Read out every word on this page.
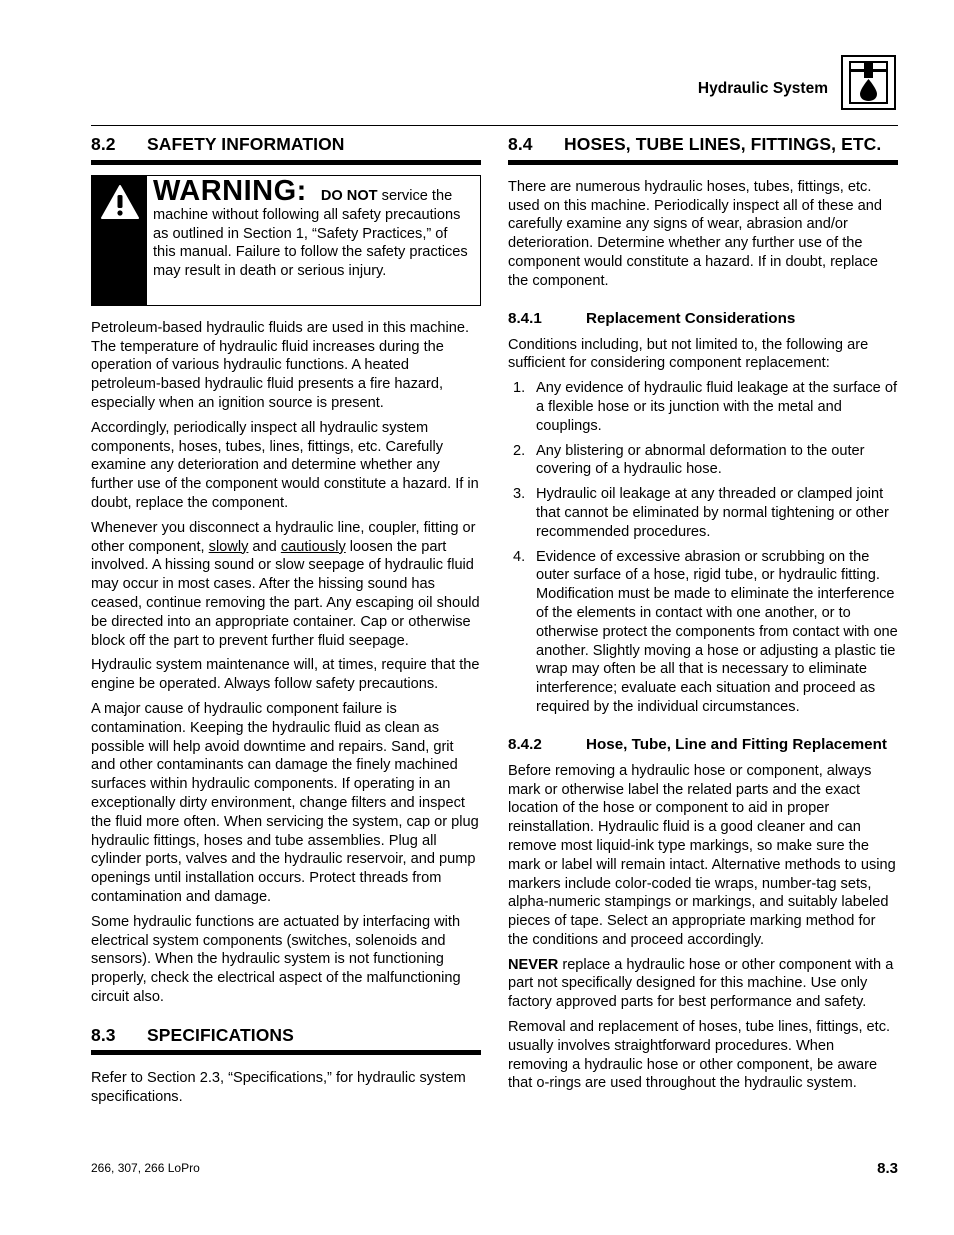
Hydraulic System
8.2	SAFETY INFORMATION
WARNING: DO NOT service the machine without following all safety precautions as outlined in Section 1, “Safety Practices,” of this manual. Failure to follow the safety practices may result in death or serious injury.

Petroleum-based hydraulic fluids are used in this machine. The temperature of hydraulic fluid increases during the operation of various hydraulic functions. A heated petroleum-based hydraulic fluid presents a fire hazard, especially when an ignition source is present.

Accordingly, periodically inspect all hydraulic system components, hoses, tubes, lines, fittings, etc. Carefully examine any deterioration and determine whether any further use of the component would constitute a hazard. If in doubt, replace the component.

Whenever you disconnect a hydraulic line, coupler, fitting or other component, slowly and cautiously loosen the part involved. A hissing sound or slow seepage of hydraulic fluid may occur in most cases. After the hissing sound has ceased, continue removing the part. Any escaping oil should be directed into an appropriate container. Cap or otherwise block off the part to prevent further fluid seepage.

Hydraulic system maintenance will, at times, require that the engine be operated. Always follow safety precautions.

A major cause of hydraulic component failure is contamination. Keeping the hydraulic fluid as clean as possible will help avoid downtime and repairs. Sand, grit and other contaminants can damage the finely machined surfaces within hydraulic components. If operating in an exceptionally dirty environment, change filters and inspect the fluid more often. When servicing the system, cap or plug hydraulic fittings, hoses and tube assemblies. Plug all cylinder ports, valves and the hydraulic reservoir, and pump openings until installation occurs. Protect threads from contamination and damage.

Some hydraulic functions are actuated by interfacing with electrical system components (switches, solenoids and sensors). When the hydraulic system is not functioning properly, check the electrical aspect of the malfunctioning circuit also.

8.3	SPECIFICATIONS

Refer to Section 2.3, “Specifications,” for hydraulic system specifications.

8.4	HOSES, TUBE LINES, FITTINGS, ETC.

There are numerous hydraulic hoses, tubes, fittings, etc. used on this machine. Periodically inspect all of these and carefully examine any signs of wear, abrasion and/or deterioration. Determine whether any further use of the component would constitute a hazard. If in doubt, replace the component.

8.4.1	Replacement Considerations

Conditions including, but not limited to, the following are sufficient for considering component replacement:

1. Any evidence of hydraulic fluid leakage at the surface of a flexible hose or its junction with the metal and couplings.
2. Any blistering or abnormal deformation to the outer covering of a hydraulic hose.
3. Hydraulic oil leakage at any threaded or clamped joint that cannot be eliminated by normal tightening or other recommended procedures.
4. Evidence of excessive abrasion or scrubbing on the outer surface of a hose, rigid tube, or hydraulic fitting. Modification must be made to eliminate the interference of the elements in contact with one another, or to otherwise protect the components from contact with one another. Slightly moving a hose or adjusting a plastic tie wrap may often be all that is necessary to eliminate interference; evaluate each situation and proceed as required by the individual circumstances.
8.4.2	Hose, Tube, Line and Fitting Replacement

Before removing a hydraulic hose or component, always mark or otherwise label the related parts and the exact location of the hose or component to aid in proper reinstallation. Hydraulic fluid is a good cleaner and can remove most liquid-ink type markings, so make sure the mark or label will remain intact. Alternative methods to using markers include color-coded tie wraps, number-tag sets, alpha-numeric stampings or markings, and suitably labeled pieces of tape. Select an appropriate marking method for the conditions and proceed accordingly.

NEVER replace a hydraulic hose or other component with a part not specifically designed for this machine. Use only factory approved parts for best performance and safety.

Removal and replacement of hoses, tube lines, fittings, etc. usually involves straightforward procedures. When removing a hydraulic hose or other component, be aware that o-rings are used throughout the hydraulic system.

266, 307, 266 LoPro	8.3
